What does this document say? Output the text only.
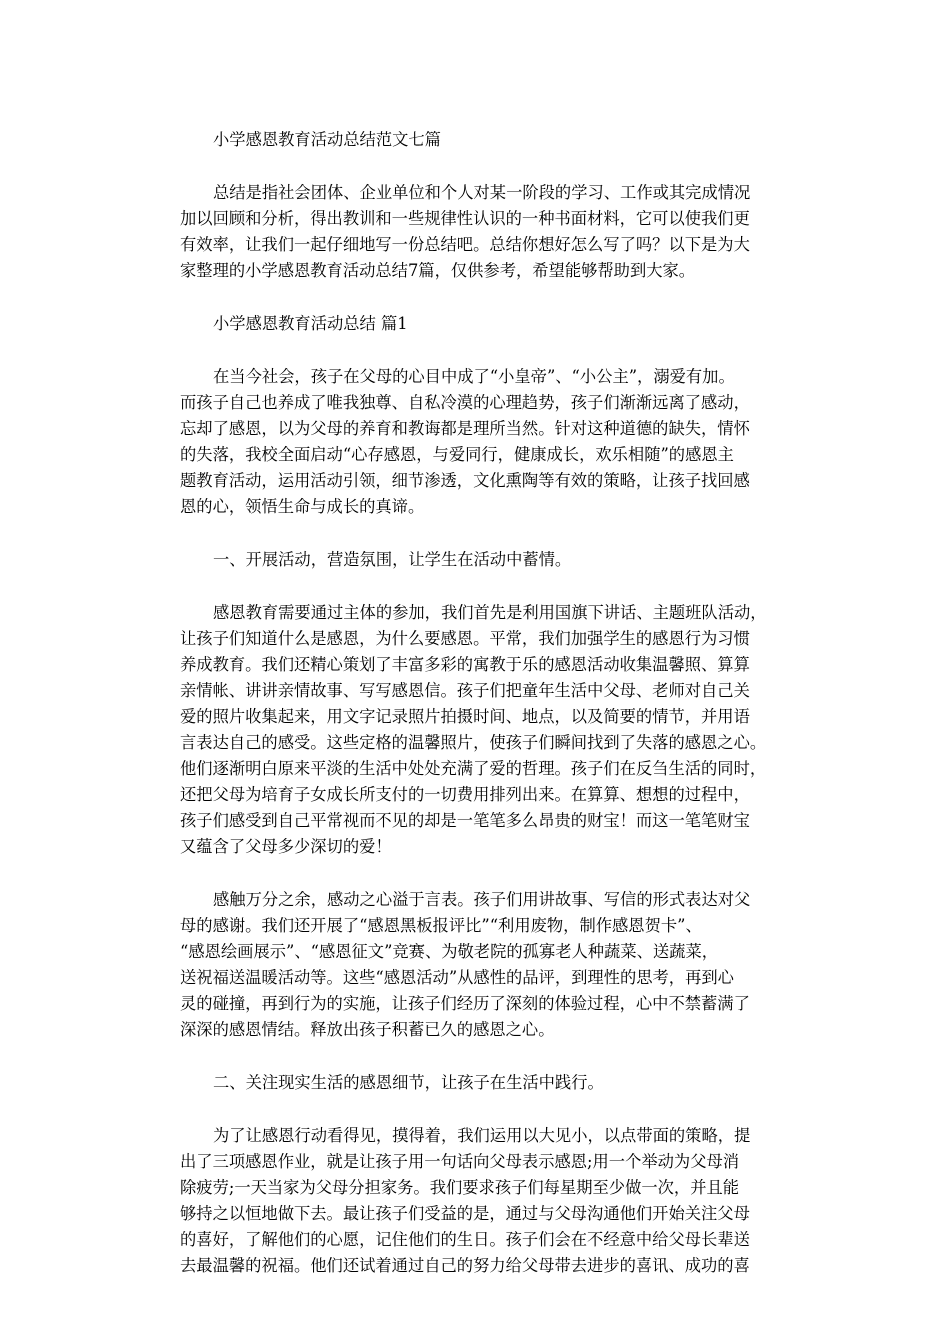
小学感恩教育活动总结范文七篇

总结是指社会团体、企业单位和个人对某一阶段的学习、工作或其完成情况

加以回顾和分析，得出教训和一些规律性认识的一种书面材料，它可以使我们更

有效率，让我们一起仔细地写一份总结吧。总结你想好怎么写了吗？以下是为大

家整理的小学感恩教育活动总结7篇，仅供参考，希望能够帮助到大家。

小学感恩教育活动总结 篇1

在当今社会，孩子在父母的心目中成了“小皇帝”、“小公主”，溺爱有加。

而孩子自己也养成了唯我独尊、自私冷漠的心理趋势，孩子们渐渐远离了感动，

忘却了感恩，以为父母的养育和教诲都是理所当然。针对这种道德的缺失，情怀

的失落，我校全面启动“心存感恩，与爱同行，健康成长，欢乐相随”的感恩主

题教育活动，运用活动引领，细节渗透，文化熏陶等有效的策略，让孩子找回感

恩的心，领悟生命与成长的真谛。

一、开展活动，营造氛围，让学生在活动中蓄情。

感恩教育需要通过主体的参加，我们首先是利用国旗下讲话、主题班队活动，

让孩子们知道什么是感恩，为什么要感恩。平常，我们加强学生的感恩行为习惯

养成教育。我们还精心策划了丰富多彩的寓教于乐的感恩活动收集温馨照、算算

亲情帐、讲讲亲情故事、写写感恩信。孩子们把童年生活中父母、老师对自己关

爱的照片收集起来，用文字记录照片拍摄时间、地点，以及简要的情节，并用语

言表达自己的感受。这些定格的温馨照片，使孩子们瞬间找到了失落的感恩之心。

他们逐渐明白原来平淡的生活中处处充满了爱的哲理。孩子们在反刍生活的同时，

还把父母为培育子女成长所支付的一切费用排列出来。在算算、想想的过程中，

孩子们感受到自己平常视而不见的却是一笔笔多么昂贵的财宝！而这一笔笔财宝

又蕴含了父母多少深切的爱！

感触万分之余，感动之心溢于言表。孩子们用讲故事、写信的形式表达对父

母的感谢。我们还开展了“感恩黑板报评比”“利用废物，制作感恩贺卡”、

“感恩绘画展示”、“感恩征文”竞赛、为敬老院的孤寡老人种蔬菜、送蔬菜，

送祝福送温暖活动等。这些“感恩活动”从感性的品评，到理性的思考，再到心

灵的碰撞，再到行为的实施，让孩子们经历了深刻的体验过程，心中不禁蓄满了

深深的感恩情结。释放出孩子积蓄已久的感恩之心。

二、关注现实生活的感恩细节，让孩子在生活中践行。

为了让感恩行动看得见，摸得着，我们运用以大见小，以点带面的策略，提

出了三项感恩作业，就是让孩子用一句话向父母表示感恩;用一个举动为父母消

除疲劳;一天当家为父母分担家务。我们要求孩子们每星期至少做一次，并且能

够持之以恒地做下去。最让孩子们受益的是，通过与父母沟通他们开始关注父母

的喜好，了解他们的心愿，记住他们的生日。孩子们会在不经意中给父母长辈送

去最温馨的祝福。他们还试着通过自己的努力给父母带去进步的喜讯、成功的喜
